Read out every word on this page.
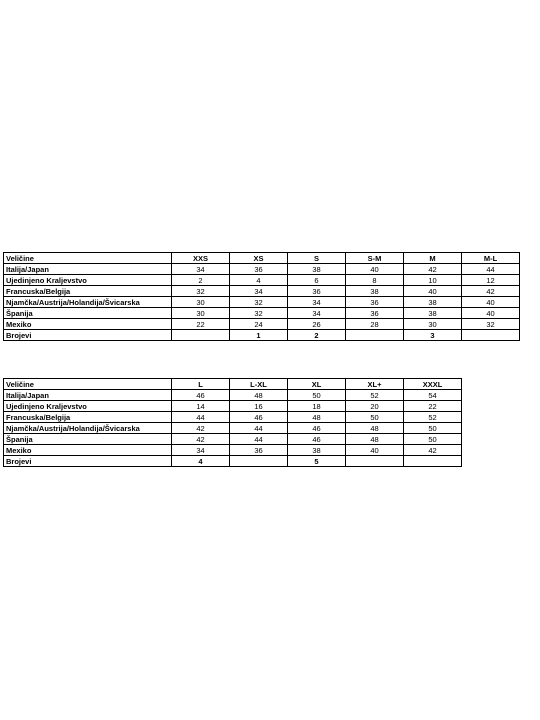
Veličine	XXS	XS	S	S-M	M	M-L
Italija/Japan	34	36	38	40	42	44
Ujedinjeno Kraljevstvo	2	4	6	8	10	12
Francuska/Belgija	32	34	36	38	40	42
Njamčka/Austrija/Holandija/Švicarska	30	32	34	36	38	40
Španija	30	32	34	36	38	40
Mexiko	22	24	26	28	30	32
Brojevi		1	2		3	
Veličine	L	L-XL	XL	XL+	XXXL
Italija/Japan	46	48	50	52	54
Ujedinjeno Kraljevstvo	14	16	18	20	22
Francuska/Belgija	44	46	48	50	52
Njamčka/Austrija/Holandija/Švicarska	42	44	46	48	50
Španija	42	44	46	48	50
Mexiko	34	36	38	40	42
Brojevi	4		5		
